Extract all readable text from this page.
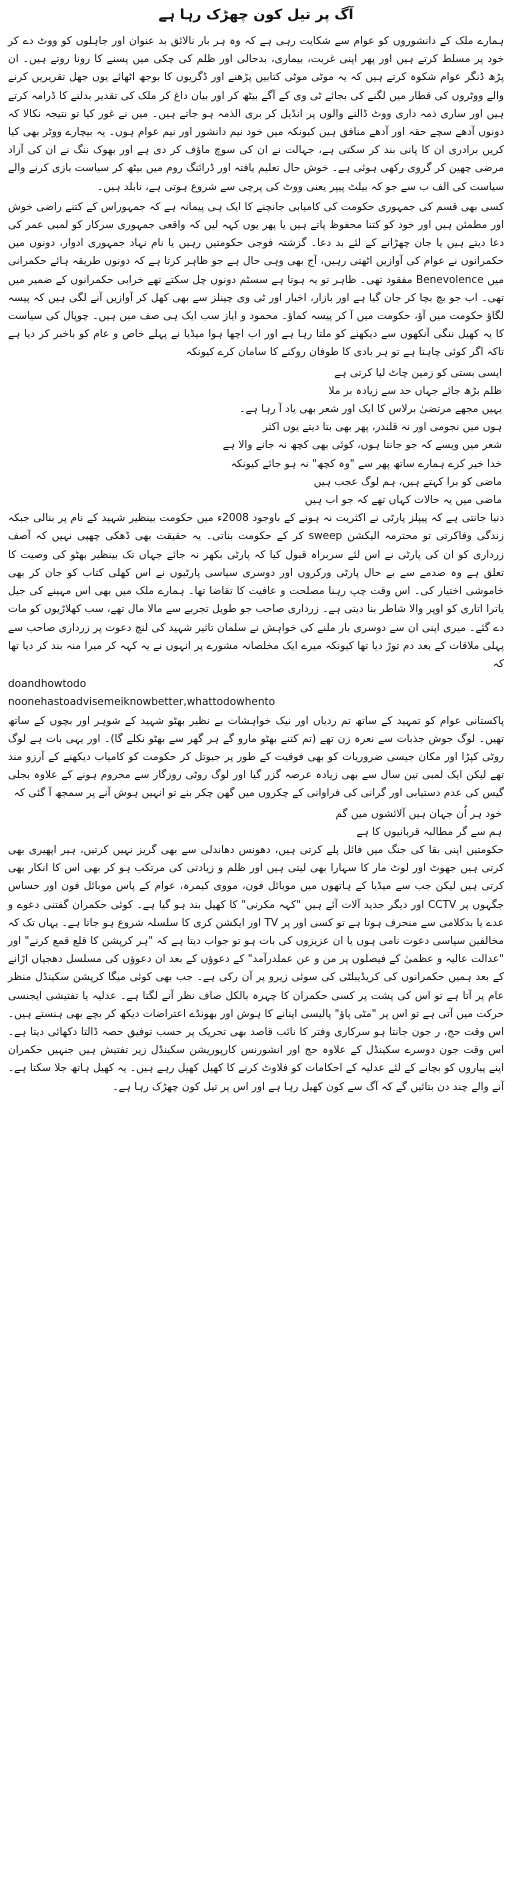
آگ پر تیل کون چھڑک رہا ہے

ہمارے ملک کے دانشوروں کو عوام سے شکایت رہی ہے کہ وہ ہر بار نالائق بد عنوان اور جاہلوں کو ووٹ دے کر خود پر مسلط کرتے ہیں اور پھر اپنی غربت، بیماری، بدحالی اور ظلم کی چکی میں پسنے کا رونا روتے ہیں۔ ان پڑھ ڈنگر عوام شکوہ کرتے ہیں کہ یہ موٹی موٹی کتابیں پڑھنے اور ڈگریوں کا بوجھ اٹھائے یوں جھل تقریریں کرنے والے ووٹروں کی قطار میں لگنے کی بجائے ٹی وی کے آگے بیٹھ کر اور بیان داغ کر ملک کی تقدیر بدلنے کا ڈرامہ کرتے ہیں اور ساری ذمہ داری ووٹ ڈالنے والوں پر انڈیل کر بری الذمہ ہو جاتے ہیں۔ میں نے غور کیا تو نتیجہ نکالا کہ دونوں آدھے سچے حقہ اور آدھے منافق ہیں کیونکہ میں خود نیم دانشور اور نیم عوام ہوں۔ یہ بیچارے ووٹر بھی کیا کریں برادری ان کا پانی بند کر سکتی ہے، جہالت نے ان کی سوچ ماؤف کر دی ہے اور بھوک ننگ نے ان کی آزاد مرضی چھین کر گروی رکھی ہوئی ہے۔ خوش حال تعلیم یافتہ اور ڈرائنگ روم میں بیٹھ کر سیاست بازی کرنے والے سیاست کی الف ب سے جو کہ بیلٹ پیپر یعنی ووٹ کی پرچی سے شروع ہوتی ہے، نابلد ہیں۔

کسی بھی قسم کی جمہوری حکومت کی کامیابی جانچنے کا ایک ہی پیمانہ ہے کہ جمہوراس کے کتنے راضی خوش اور مطمئن ہیں اور خود کو کتنا محفوظ پاتے ہیں یا پھر یوں کہہ لیں کہ واقعی جمہوری سرکار کو لمبی عمر کی دعا دیتے ہیں یا جان چھڑانے کے لئے بد دعا۔ گزشتہ فوجی حکومتیں رہیں یا نام نہاد جمہوری ادوار، دونوں میں حکمرانوں نے عوام کی آوازیں اٹھتی رہیں، آج بھی وہی حال ہے جو ظاہر کرتا ہے کہ دونوں طریقہ ہائے حکمرانی میں Benevolence مفقود تھی۔ ظاہر تو یہ ہوتا ہے سسٹم دونوں چل سکتے تھے خرابی حکمرانوں کے ضمیر میں تھی۔ اب جو بچ بچا کر جان گیا ہے اور بازار، اخبار اور ٹی وی چینلز سے بھی کھل کر آوازیں آنے لگی ہیں کہ پیسہ لگاؤ حکومت میں آؤ، حکومت میں آ کر پیسہ کماؤ۔ محمود و ایاز سب ایک ہی صف میں ہیں۔ چوپال کی سیاست کا یہ کھیل ننگی آنکھوں سے دیکھنے کو ملتا رہا ہے اور اب اچھا ہوا میڈیا نے پہلے خاص و عام کو باخبر کر دیا ہے تاکہ اگر کوئی چاہتا ہے تو ہر بادی کا طوفان روکنے کا سامان کرے کیونکہ

ایسی بستی کو زمین چاٹ لیا کرتی ہے

ظلم بڑھ جائے جہاں حد سے زیادہ بر ملا

یہیں مجھے مرتضیٰ برلاس کا ایک اور شعر بھی یاد آ رہا ہے۔

ہوں میں نجومی اور نہ قلندر، پھر بھی بتا دیتے یوں اکثر

شعر میں ویسے کہ جو جانتا ہوں، کوئی بھی کچھ نہ جانے والا ہے

خدا خیر کرے ہمارے ساتھ پھر سے "وہ کچھ" نہ ہو جائے کیونکہ

ماضی کو برا کہتے ہیں، ہم لوگ عجب ہیں

ماضی میں یہ حالات کہاں تھے کہ جو اب ہیں

دنیا جانتی ہے کہ پیپلز پارٹی نے اکثریت نہ ہونے کے باوجود 2008ء میں حکومت بینظیر شہید کے نام پر بنالی جبکہ زندگی وفاکرتی تو محترمہ الیکشن sweep کر کے حکومت بناتی۔ یہ حقیقت بھی ڈھکی چھپی نہیں کہ آصف زرداری کو ان کی پارٹی نے اس لئے سربراہ قبول کیا کہ پارٹی بکھر نہ جائے جہاں تک بینظیر بھٹو کی وصیت کا تعلق ہے وہ صدمے سے بے حال پارٹی ورکروں اور دوسری سیاسی پارٹیوں نے اس کھلی کتاب کو جان کر بھی خاموشی اختیار کی۔ اس وقت چپ رہنا مصلحت و عافیت کا تقاضا تھا۔ ہمارے ملک میں بھی اس مہینے کی جیل یاترا اتاری کو اوپر والا شاطر بنا دیتی ہے۔ زرداری صاحب جو طویل تجربے سے مالا مال تھے، سب کھلاڑیوں کو مات دے گئے۔ میری اپنی ان سے دوسری بار ملنے کی خواہش نے سلمان تاثیر شہید کی لنچ دعوت پر زرداری صاحب سے پہلی ملاقات کے بعد دم توڑ دیا تھا کیونکہ میرے ایک مخلصانہ مشورے پر انہوں نے یہ کہہ کر میرا منہ بند کر دیا تھا کہ

doandhowtodo

noonehastoadvisemeiknowbetter,whattodowhento

پاکستانی عوام کو تمہید کے ساتھ تم ردیاں اور نیک خواہشات بے نظیر بھٹو شہید کے شوہر اور بچوں کے ساتھ تھیں۔ لوگ جوش جذبات سے نعرہ زن تھے (تم کتنے بھٹو مارو گے ہر گھر سے بھٹو نکلے گا)۔ اور یہی بات ہے لوگ روٹی کپڑا اور مکان جیسی ضروریات کو بھی فوقیت کے طور پر جیوتل کر حکومت کو کامیاب دیکھنے کے آرزو مند تھے لیکن ایک لمبی تین سال سے بھی زیادہ عرصہ گزر گیا اور لوگ روٹی روزگار سے محروم ہونے کے علاوہ بجلی گیس کی عدم دستیابی اور گرانی کی فراوانی کے چکروں میں گھن چکر بنے تو انہیں ہوش آنے پر سمجھ آ گئی کہ

خود ہر اُن جہان ہیں آلائشوں میں گم

ہم سے گر مطالبہ قربانیوں کا ہے

حکومتیں اپنی بقا کی جنگ میں فائل پلے کرتی ہیں، دھونس دھاندلی سے بھی گریز نہیں کرتیں، ہیر اپھیری بھی کرتی ہیں جھوٹ اور لوٹ مار کا سہارا بھی لیتی ہیں اور ظلم و زیادتی کی مرتکب ہو کر بھی اس کا انکار بھی کرتی ہیں لیکن جب سے میڈیا کے ہاتھوں میں موبائل فون، مووی کیمرہ، عوام کے پاس موبائل فون اور حساس جگہوں پر CCTV اور دیگر جدید آلات آئے ہیں "کہہ مکرنی" کا کھیل بند ہو گیا ہے۔ کوئی حکمران گفتنی دعوے و عدے یا بدکلامی سے منحرف ہوتا ہے تو کسی اور پر TV اور ایکشن کری کا سلسلہ شروع ہو جاتا ہے۔ یہاں تک کہ مخالفین سیاسی دعوت نامی ہوں یا ان عزیزوں کی بات ہو تو جواب دیتا ہے کہ "ہر کرپشن کا قلع قمع کرنے" اور "عدالت عالیہ و عظمیٰ کے فیصلوں پر من و عن عملدرآمد" کے دعوؤں کے بعد ان دعوؤں کی مسلسل دھجیاں اڑانے کے بعد ہمیں حکمرانوں کی کریڈیبلٹی کی سوئی زیرو پر آن رکی ہے۔ جب بھی کوئی میگا کرپشن سکینڈل منظر عام پر آتا ہے تو اس کی پشت پر کسی حکمران کا چہرہ بالکل صاف نظر آنے لگتا ہے۔ عدلیہ یا تفتیشی ایجنسی حرکت میں آتی ہے تو اس پر "مٹی پاؤ" پالیسی اپنانے کا ہوش اور بھونڈے اعتراضات دیکھ کر بچے بھی ہنستے ہیں۔ اس وقت حج، ر جون جانتا ہو سرکاری وفتر کا نائب قاصد بھی تحریک پر حسب توفیق حصہ ڈالتا دکھائی دیتا ہے۔ اس وقت جون دوسرے سکینڈل کے علاوہ حج اور انشورنس کارپوریشن سکینڈل زیر تفتیش ہیں جنہیں حکمران اپنے پیاروں کو بچانے کے لئے عدلیہ کے احکامات کو فلاوٹ کرنے کا کھیل کھیل رہے ہیں۔ یہ کھیل ہاتھ جلا سکتا ہے۔ آنے والے چند دن بتائیں گے کہ آگ سے کون کھیل رہا ہے اور اس پر تیل کون چھڑک رہا ہے۔
